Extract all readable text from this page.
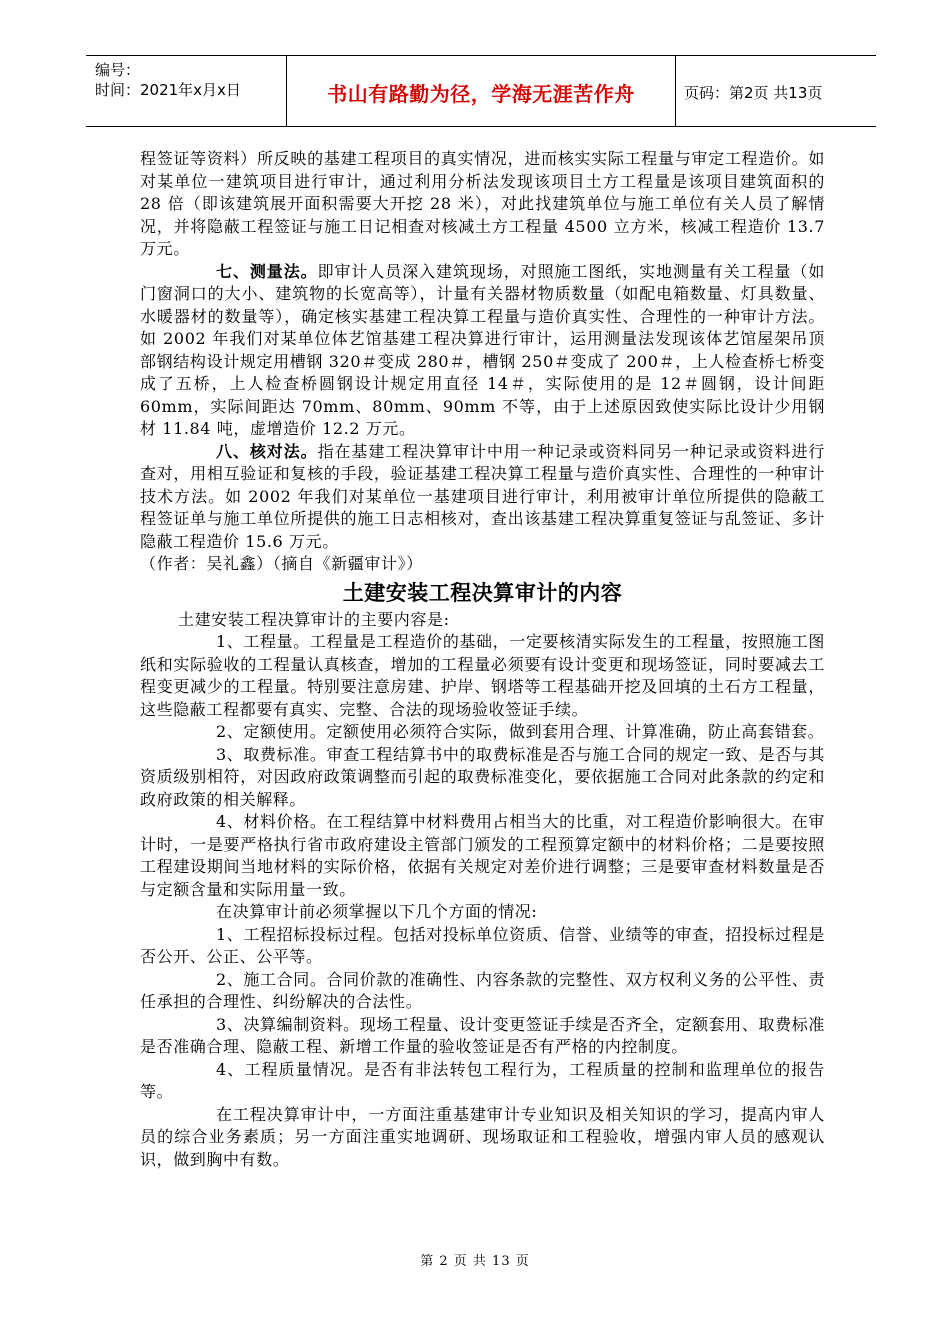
编号：
时间：2021年x月x日	书山有路勤为径，学海无涯苦作舟	页码：第2页 共13页

程签证等资料）所反映的基建工程项目的真实情况，进而核实实际工程量与审定工程造价。如对某单位一建筑项目进行审计，通过利用分析法发现该项目土方工程量是该项目建筑面积的 28 倍（即该建筑展开面积需要大开挖 28 米），对此找建筑单位与施工单位有关人员了解情况，并将隐蔽工程签证与施工日记相查对核减土方工程量 4500 立方米，核减工程造价 13.7 万元。

七、测量法。即审计人员深入建筑现场，对照施工图纸，实地测量有关工程量（如门窗洞口的大小、建筑物的长宽高等），计量有关器材物质数量（如配电箱数量、灯具数量、水暖器材的数量等），确定核实基建工程决算工程量与造价真实性、合理性的一种审计方法。如 2002 年我们对某单位体艺馆基建工程决算进行审计，运用测量法发现该体艺馆屋架吊顶部钢结构设计规定用槽钢 320＃变成 280＃，槽钢 250＃变成了 200＃，上人检查桥七桥变成了五桥，上人检查桥圆钢设计规定用直径 14＃，实际使用的是 12＃圆钢，设计间距 60mm，实际间距达 70mm、80mm、90mm 不等，由于上述原因致使实际比设计少用钢材 11.84 吨，虚增造价 12.2 万元。

八、核对法。指在基建工程决算审计中用一种记录或资料同另一种记录或资料进行查对，用相互验证和复核的手段，验证基建工程决算工程量与造价真实性、合理性的一种审计技术方法。如 2002 年我们对某单位一基建项目进行审计，利用被审计单位所提供的隐蔽工程签证单与施工单位所提供的施工日志相核对，查出该基建工程决算重复签证与乱签证、多计隐蔽工程造价 15.6 万元。

（作者：吴礼鑫）（摘自《新疆审计》）

土建安装工程决算审计的内容

土建安装工程决算审计的主要内容是:

1、工程量。工程量是工程造价的基础，一定要核清实际发生的工程量，按照施工图纸和实际验收的工程量认真核查，增加的工程量必须要有设计变更和现场签证，同时要减去工程变更减少的工程量。特别要注意房建、护岸、钢塔等工程基础开挖及回填的土石方工程量，这些隐蔽工程都要有真实、完整、合法的现场验收签证手续。

2、定额使用。定额使用必须符合实际，做到套用合理、计算准确，防止高套错套。

3、取费标准。审查工程结算书中的取费标准是否与施工合同的规定一致、是否与其资质级别相符，对因政府政策调整而引起的取费标准变化，要依据施工合同对此条款的约定和政府政策的相关解释。

4、材料价格。在工程结算中材料费用占相当大的比重，对工程造价影响很大。在审计时，一是要严格执行省市政府建设主管部门颁发的工程预算定额中的材料价格；二是要按照工程建设期间当地材料的实际价格，依据有关规定对差价进行调整；三是要审查材料数量是否与定额含量和实际用量一致。

在决算审计前必须掌握以下几个方面的情况:

1、工程招标投标过程。包括对投标单位资质、信誉、业绩等的审查，招投标过程是否公开、公正、公平等。

2、施工合同。合同价款的准确性、内容条款的完整性、双方权利义务的公平性、责任承担的合理性、纠纷解决的合法性。

3、决算编制资料。现场工程量、设计变更签证手续是否齐全，定额套用、取费标准是否准确合理、隐蔽工程、新增工作量的验收签证是否有严格的内控制度。

4、工程质量情况。是否有非法转包工程行为，工程质量的控制和监理单位的报告等。

在工程决算审计中，一方面注重基建审计专业知识及相关知识的学习，提高内审人员的综合业务素质；另一方面注重实地调研、现场取证和工程验收，增强内审人员的感观认识，做到胸中有数。

第 2 页 共 13 页
